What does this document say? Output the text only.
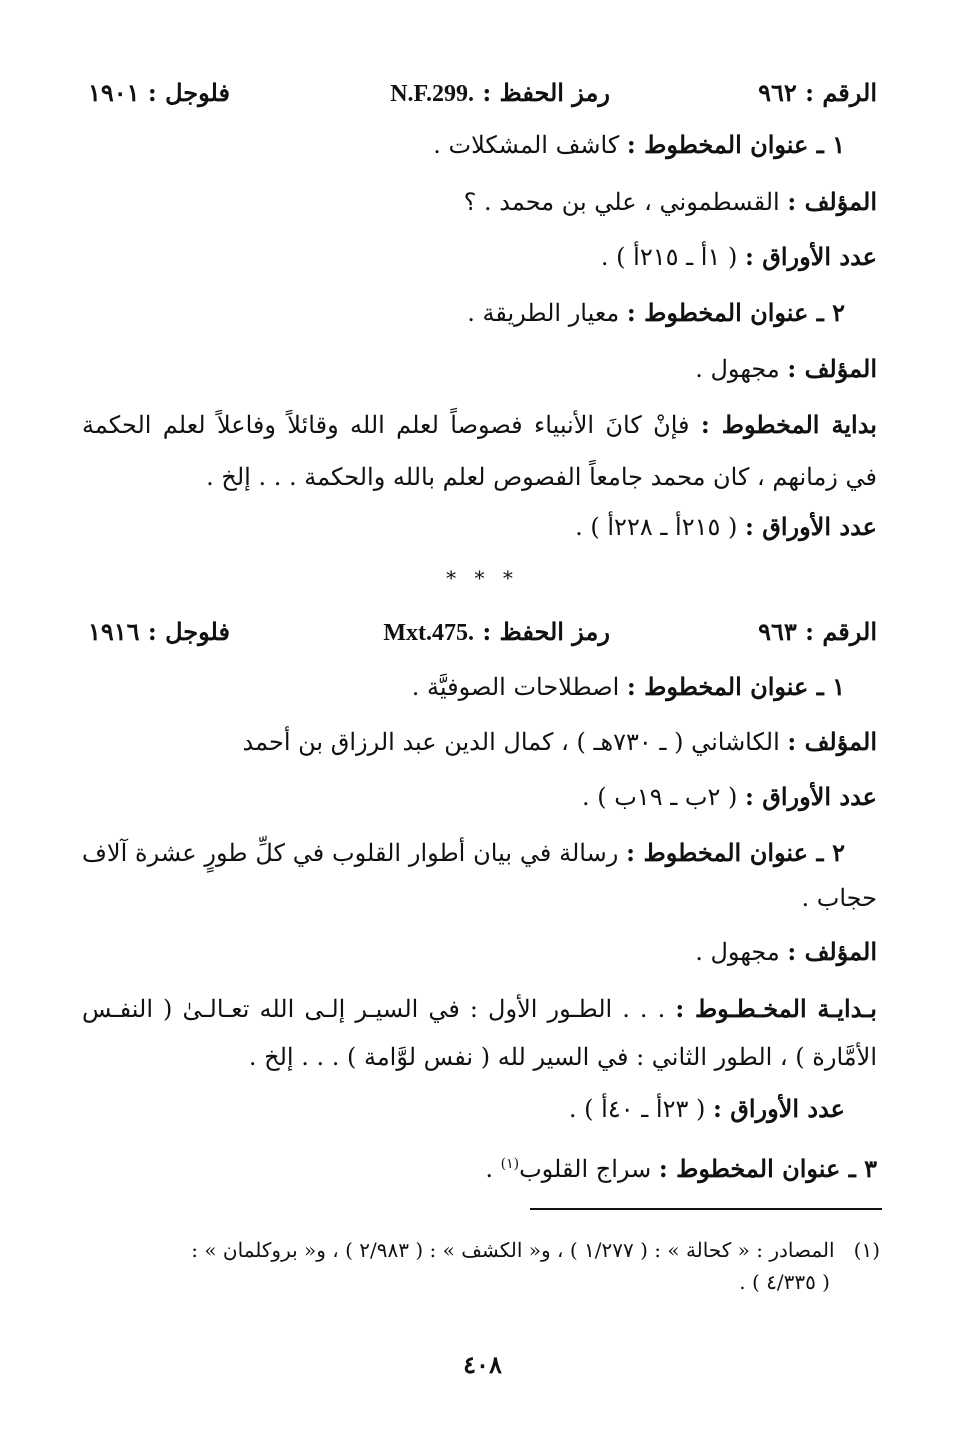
الرقم : ٩٦٢
رمز الحفظ : N.F.299.
فلوجل : ١٩٠١
١ ـ عنوان المخطوط : كاشف المشكلات .
المؤلف : القسطموني ، علي بن محمد . ؟
عدد الأوراق : ( ١أ ـ ٢١٥أ ) .
٢ ـ عنوان المخطوط : معيار الطريقة .
المؤلف : مجهول .
بداية المخطوط : فإنْ كانَ الأنبياء فصوصاً لعلم الله وقائلاً وفاعلاً لعلم الحكمة
في زمانهم ، كان محمد جامعاً الفصوص لعلم بالله والحكمة . . . إلخ .
عدد الأوراق : ( ٢١٥أ ـ ٢٢٨أ ) .
* * *
الرقم : ٩٦٣
رمز الحفظ : Mxt.475.
فلوجل : ١٩١٦
١ ـ عنوان المخطوط : اصطلاحات الصوفيَّة .
المؤلف : الكاشاني ( ـ ٧٣٠هـ ) ، كمال الدين عبد الرزاق بن أحمد
عدد الأوراق : ( ٢ب ـ ١٩ب ) .
٢ ـ عنوان المخطوط : رسالة في بيان أطوار القلوب في كلِّ طورٍ عشرة آلاف
حجاب .
المؤلف : مجهول .
بـدايـة المخـطـوط : . . . الطـور الأول : في السيـر إلـى الله تعـالـىٰ ( النفـس
الأمَّارة ) ، الطور الثاني : في السير لله ( نفس لوَّامة ) . . . إلخ .
عدد الأوراق : ( ٢٣أ ـ ٤٠أ ) .
٣ ـ عنوان المخطوط : سراج القلوب$^{(١)}$ .
(١)   المصادر : « كحالة » : ( ١/٢٧٧ ) ، و« الكشف » : ( ٢/٩٨٣ ) ، و« بروكلمان » :
( ٤/٣٣٥ ) .
٤٠٨
